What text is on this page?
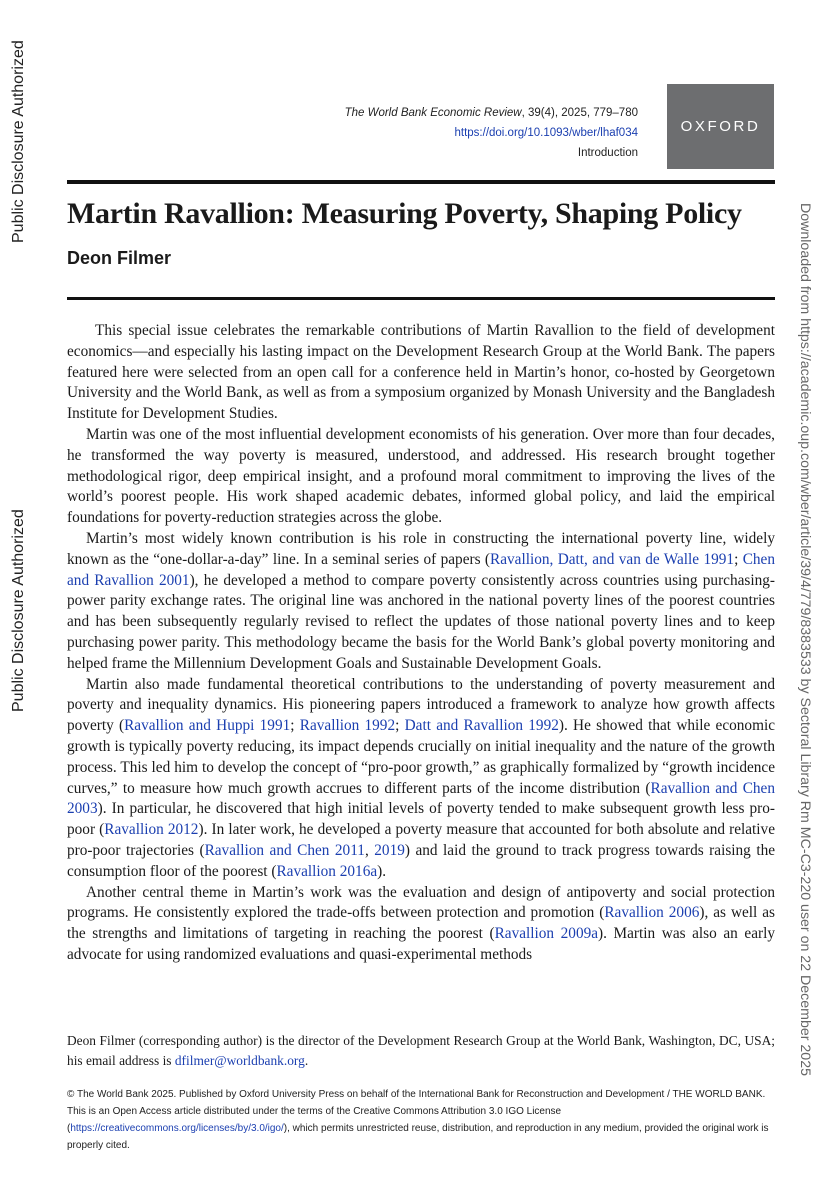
Public Disclosure Authorized
Public Disclosure Authorized	Downloaded from https://academic.oup.com/wber/article/39/4/779/8383533 by Sectoral Library Rm MC-C3-220 user on 22 December 2025
The World Bank Economic Review, 39(4), 2025, 779–780
https://doi.org/10.1093/wber/lhaf034
Introduction
OXFORD
Martin Ravallion: Measuring Poverty, Shaping Policy
Deon Filmer

This special issue celebrates the remarkable contributions of Martin Ravallion to the field of development economics—and especially his lasting impact on the Development Research Group at the World Bank. The papers featured here were selected from an open call for a conference held in Martin’s honor, co-hosted by Georgetown University and the World Bank, as well as from a symposium organized by Monash University and the Bangladesh Institute for Development Studies.

Martin was one of the most influential development economists of his generation. Over more than four decades, he transformed the way poverty is measured, understood, and addressed. His research brought together methodological rigor, deep empirical insight, and a profound moral commitment to improving the lives of the world’s poorest people. His work shaped academic debates, informed global policy, and laid the empirical foundations for poverty-reduction strategies across the globe.

Martin’s most widely known contribution is his role in constructing the international poverty line, widely known as the “one-dollar-a-day” line. In a seminal series of papers (Ravallion, Datt, and van de Walle 1991; Chen and Ravallion 2001), he developed a method to compare poverty consistently across countries using purchasing-power parity exchange rates. The original line was anchored in the national poverty lines of the poorest countries and has been subsequently regularly revised to reflect the updates of those national poverty lines and to keep purchasing power parity. This methodology became the basis for the World Bank’s global poverty monitoring and helped frame the Millennium Development Goals and Sustainable Development Goals.

Martin also made fundamental theoretical contributions to the understanding of poverty measurement and poverty and inequality dynamics. His pioneering papers introduced a framework to analyze how growth affects poverty (Ravallion and Huppi 1991; Ravallion 1992; Datt and Ravallion 1992). He showed that while economic growth is typically poverty reducing, its impact depends crucially on initial inequality and the nature of the growth process. This led him to develop the concept of “pro-poor growth,” as graphically formalized by “growth incidence curves,” to measure how much growth accrues to different parts of the income distribution (Ravallion and Chen 2003). In particular, he discovered that high initial levels of poverty tended to make subsequent growth less pro-poor (Ravallion 2012). In later work, he developed a poverty measure that accounted for both absolute and relative pro-poor trajectories (Ravallion and Chen 2011, 2019) and laid the ground to track progress towards raising the consumption floor of the poorest (Ravallion 2016a).

Another central theme in Martin’s work was the evaluation and design of antipoverty and social protection programs. He consistently explored the trade-offs between protection and promotion (Ravallion 2006), as well as the strengths and limitations of targeting in reaching the poorest (Ravallion 2009a). Martin was also an early advocate for using randomized evaluations and quasi-experimental methods

Deon Filmer (corresponding author) is the director of the Development Research Group at the World Bank, Washington, DC, USA; his email address is dfilmer@worldbank.org.
© The World Bank 2025. Published by Oxford University Press on behalf of the International Bank for Reconstruction and Development / THE WORLD BANK. This is an Open Access article distributed under the terms of the Creative Commons Attribution 3.0 IGO License (https://creativecommons.org/licenses/by/3.0/igo/), which permits unrestricted reuse, distribution, and reproduction in any medium, provided the original work is properly cited.
